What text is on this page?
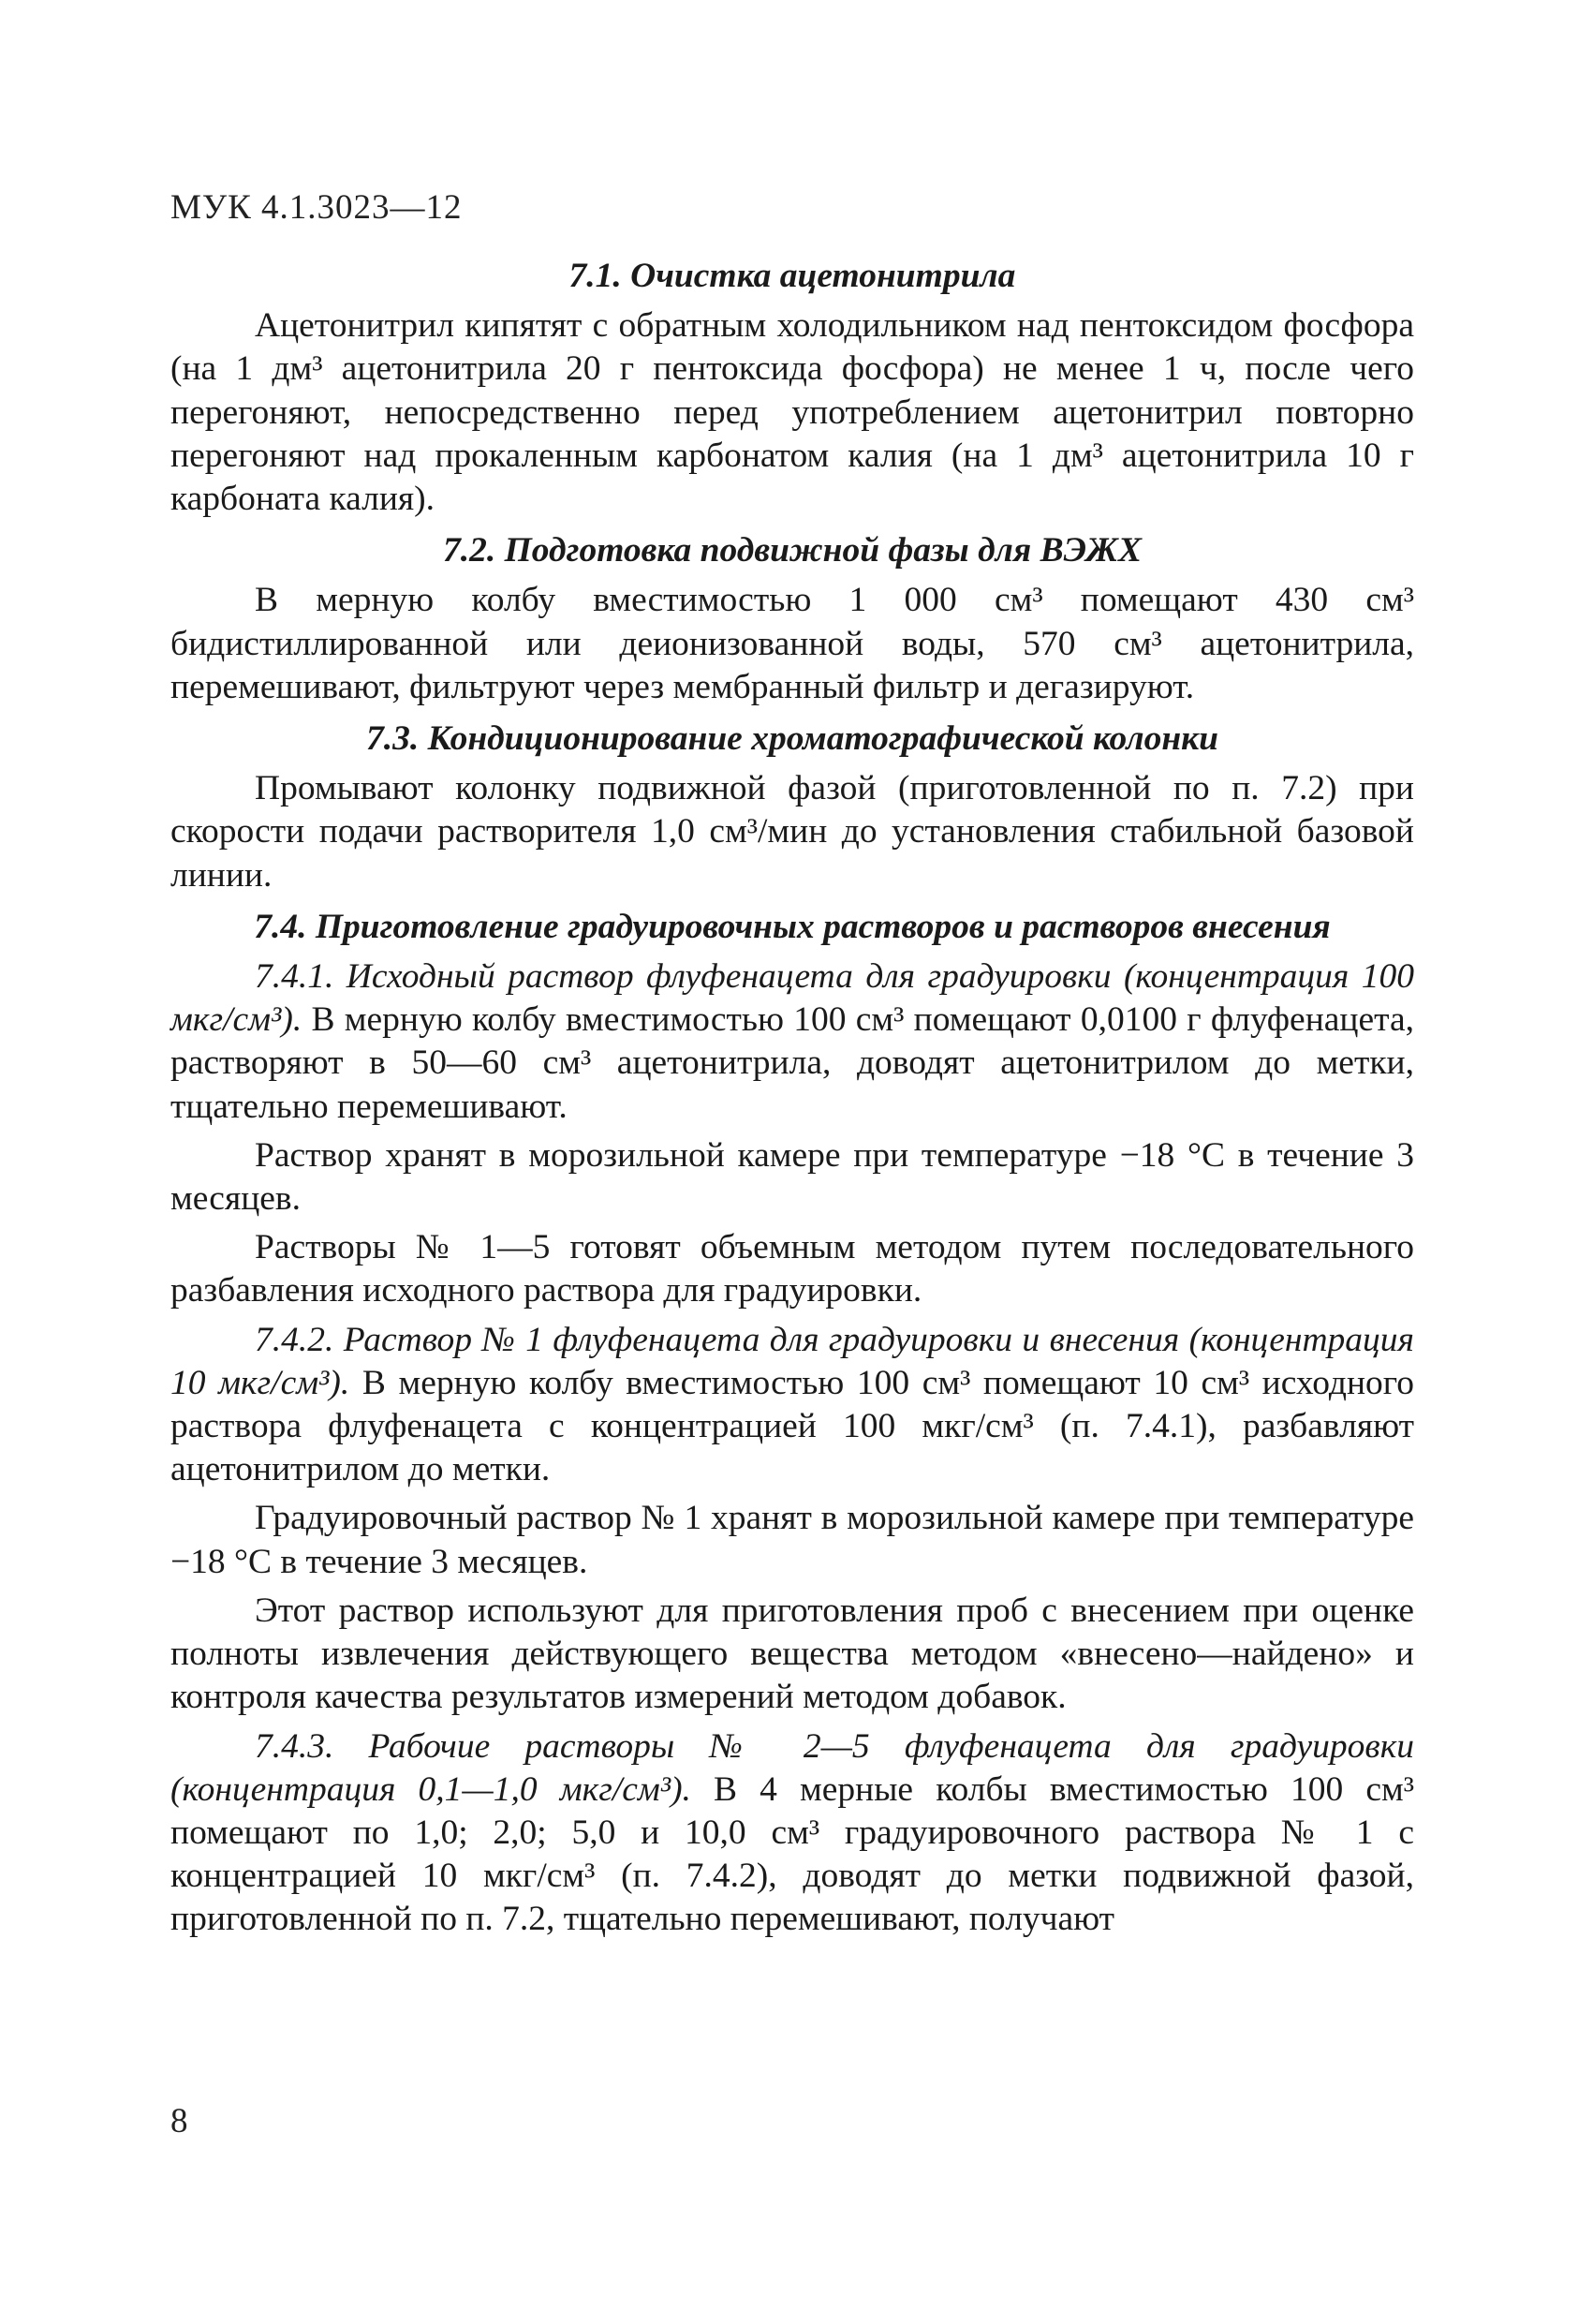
МУК 4.1.3023—12
7.1. Очистка ацетонитрила

Ацетонитрил кипятят с обратным холодильником над пентоксидом фосфора (на 1 дм³ ацетонитрила 20 г пентоксида фосфора) не менее 1 ч, после чего перегоняют, непосредственно перед употреблением ацетонитрил повторно перегоняют над прокаленным карбонатом калия (на 1 дм³ ацетонитрила 10 г карбоната калия).

7.2. Подготовка подвижной фазы для ВЭЖХ

В мерную колбу вместимостью 1 000 см³ помещают 430 см³ бидистиллированной или деионизованной воды, 570 см³ ацетонитрила, перемешивают, фильтруют через мембранный фильтр и дегазируют.

7.3. Кондиционирование хроматографической колонки

Промывают колонку подвижной фазой (приготовленной по п. 7.2) при скорости подачи растворителя 1,0 см³/мин до установления стабильной базовой линии.

7.4. Приготовление градуировочных растворов и растворов внесения

7.4.1. Исходный раствор флуфенацета для градуировки (концентрация 100 мкг/см³). В мерную колбу вместимостью 100 см³ помещают 0,0100 г флуфенацета, растворяют в 50—60 см³ ацетонитрила, доводят ацетонитрилом до метки, тщательно перемешивают.

Раствор хранят в морозильной камере при температуре −18 °С в течение 3 месяцев.

Растворы № 1—5 готовят объемным методом путем последовательного разбавления исходного раствора для градуировки.

7.4.2. Раствор № 1 флуфенацета для градуировки и внесения (концентрация 10 мкг/см³). В мерную колбу вместимостью 100 см³ помещают 10 см³ исходного раствора флуфенацета с концентрацией 100 мкг/см³ (п. 7.4.1), разбавляют ацетонитрилом до метки.

Градуировочный раствор № 1 хранят в морозильной камере при температуре −18 °С в течение 3 месяцев.

Этот раствор используют для приготовления проб с внесением при оценке полноты извлечения действующего вещества методом «внесено—найдено» и контроля качества результатов измерений методом добавок.

7.4.3. Рабочие растворы № 2—5 флуфенацета для градуировки (концентрация 0,1—1,0 мкг/см³). В 4 мерные колбы вместимостью 100 см³ помещают по 1,0; 2,0; 5,0 и 10,0 см³ градуировочного раствора № 1 с концентрацией 10 мкг/см³ (п. 7.4.2), доводят до метки подвижной фазой, приготовленной по п. 7.2, тщательно перемешивают, получают

8
